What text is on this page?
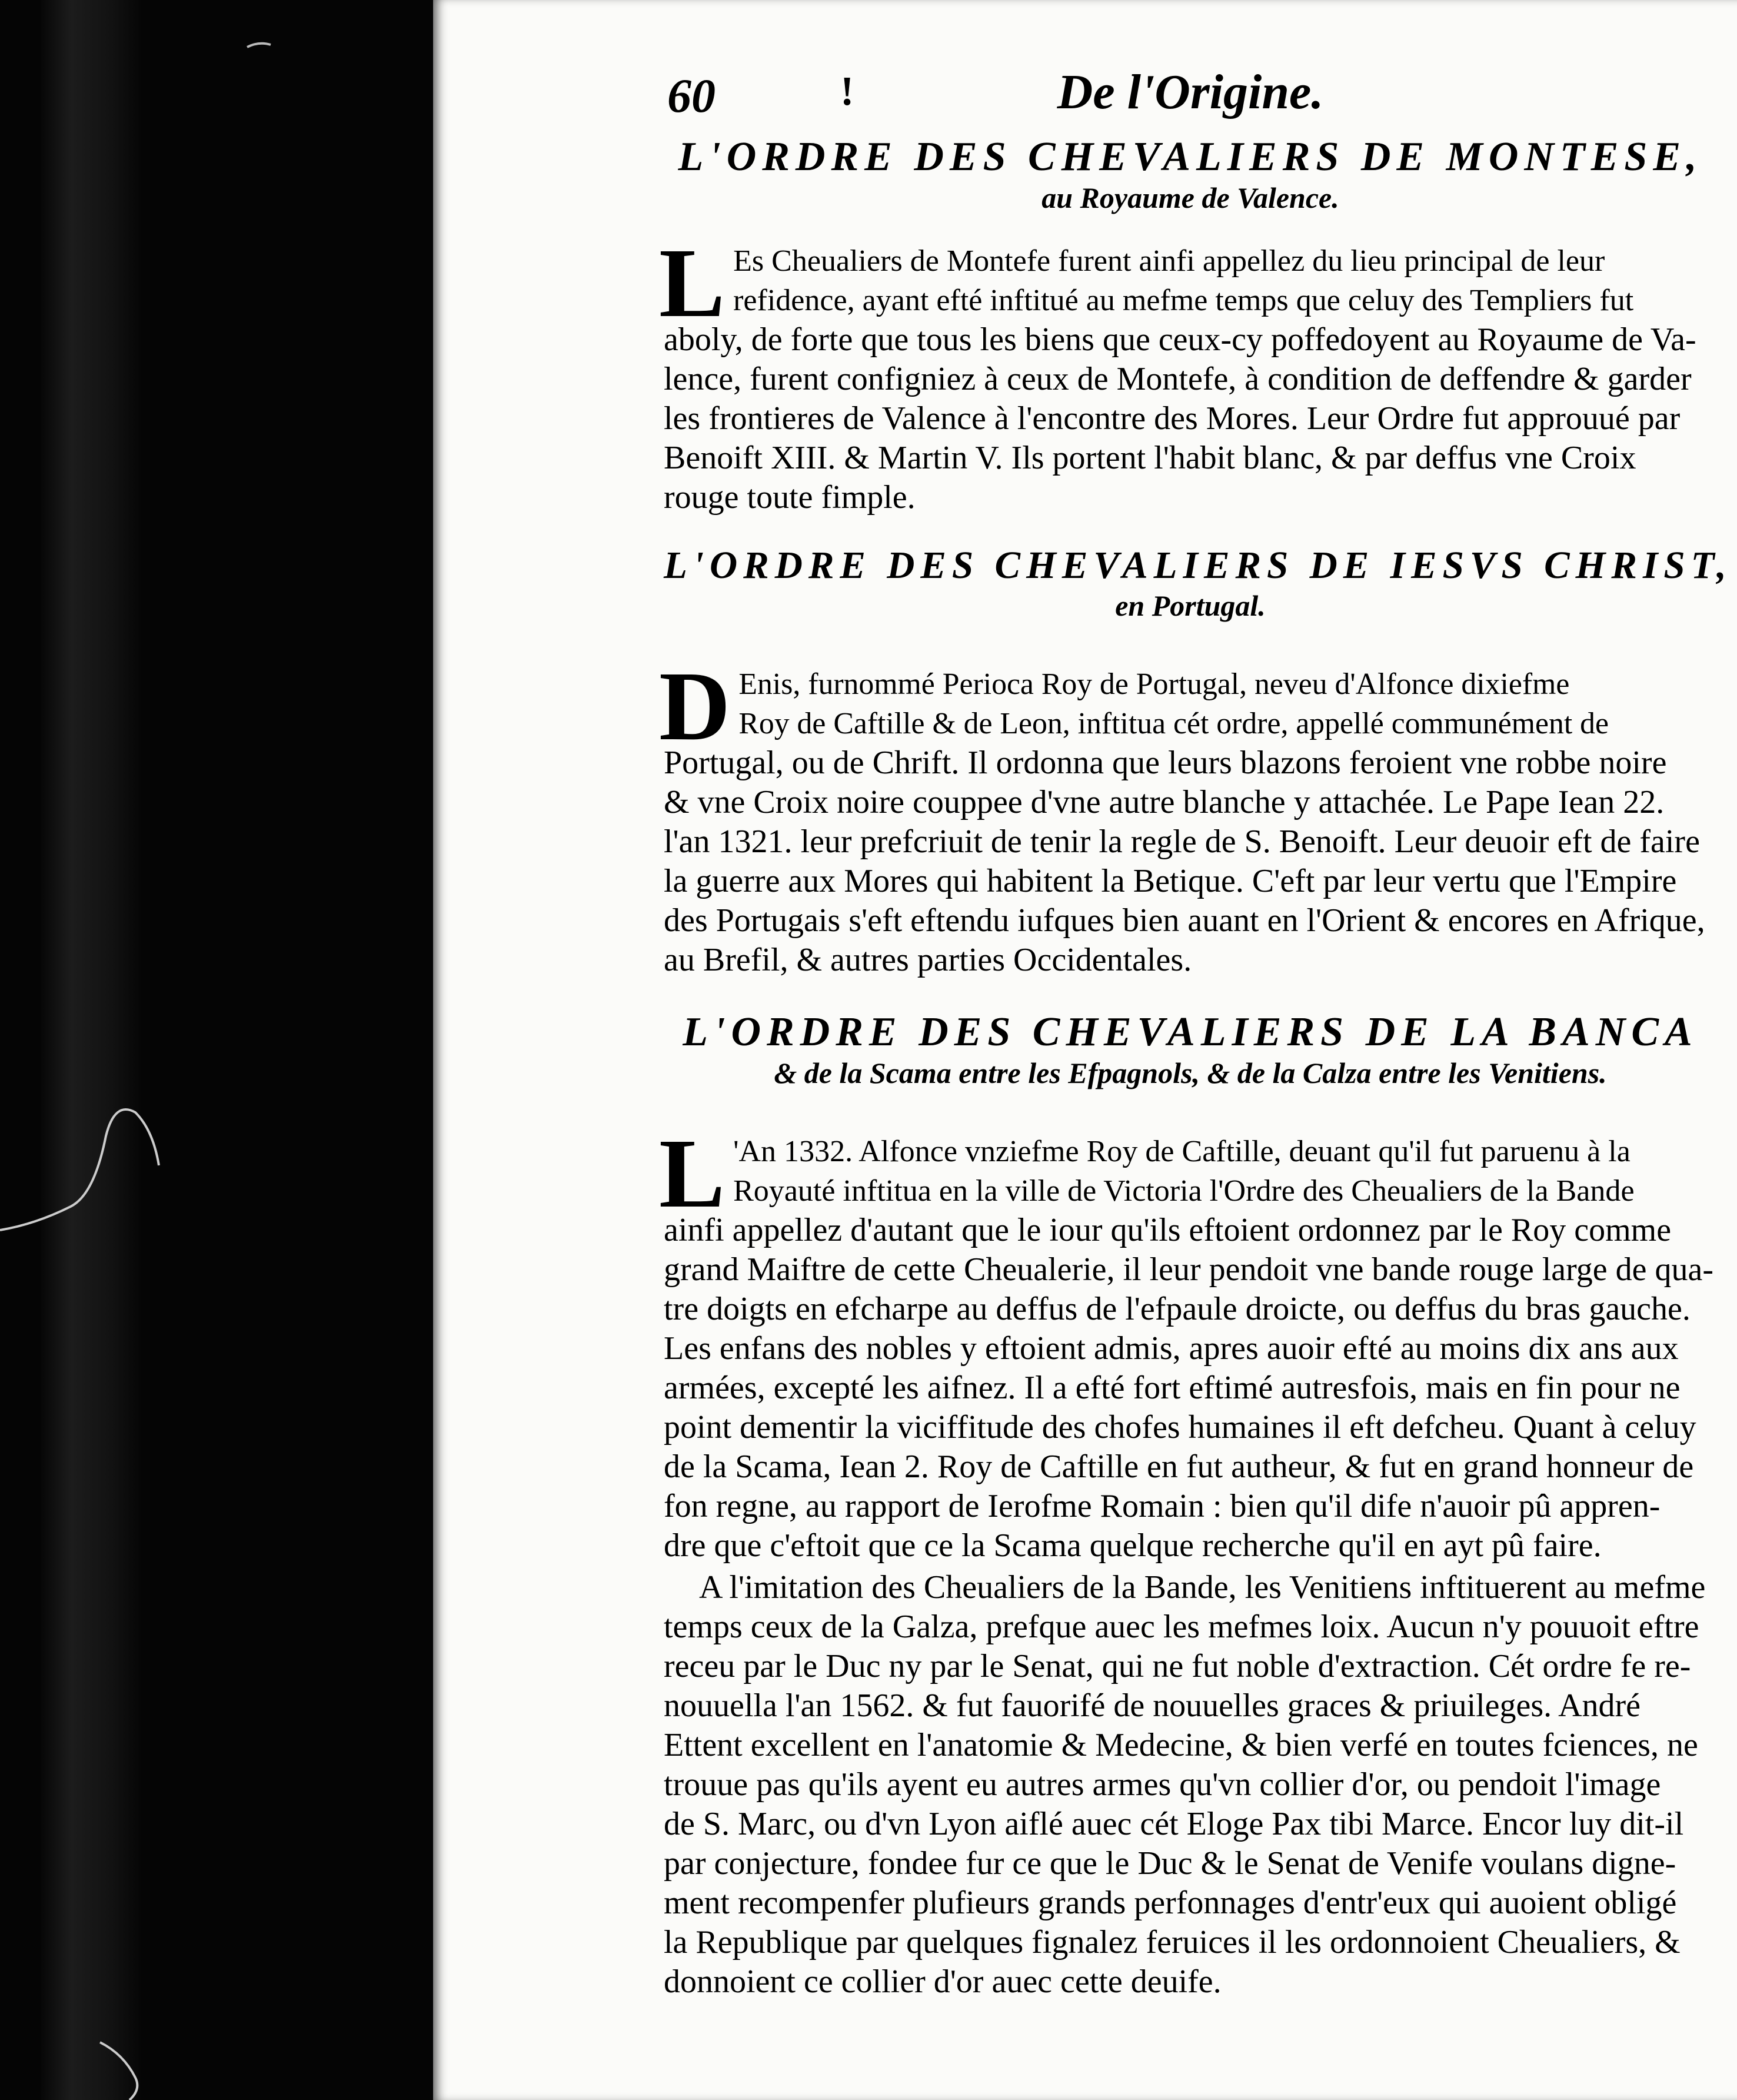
60	!	De l'Origine.

L'ORDRE DES CHEVALIERS DE MONTESE,

au Royaume de Valence.

L Es Cheualiers de Montefe furent ainfi appellez du lieu principal de leur
refidence, ayant efté inftitué au mefme temps que celuy des Templiers fut
aboly, de forte que tous les biens que ceux-cy poffedoyent au Royaume de Va-
lence, furent configniez à ceux de Montefe, à condition de deffendre & garder
les frontieres de Valence à l'encontre des Mores. Leur Ordre fut approuué par
Benoift XIII. & Martin V. Ils portent l'habit blanc, & par deffus vne Croix
rouge toute fimple.

L'ORDRE DES CHEVALIERS DE IESVS CHRIST,

en Portugal.

D Enis, furnommé Perioca Roy de Portugal, neveu d'Alfonce dixiefme
Roy de Caftille & de Leon, inftitua cét ordre, appellé communément de
Portugal, ou de Chrift. Il ordonna que leurs blazons feroient vne robbe noire
& vne Croix noire couppee d'vne autre blanche y attachée. Le Pape Iean 22.
l'an 1321. leur prefcriuit de tenir la regle de S. Benoift. Leur deuoir eft de faire
la guerre aux Mores qui habitent la Betique. C'eft par leur vertu que l'Empire
des Portugais s'eft eftendu iufques bien auant en l'Orient & encores en Afrique,
au Brefil, & autres parties Occidentales.

L'ORDRE DES CHEVALIERS DE LA BANCA

& de la Scama entre les Efpagnols, & de la Calza entre les Venitiens.

L 'An 1332. Alfonce vnziefme Roy de Caftille, deuant qu'il fut paruenu à la
Royauté inftitua en la ville de Victoria l'Ordre des Cheualiers de la Bande
ainfi appellez d'autant que le iour qu'ils eftoient ordonnez par le Roy comme
grand Maiftre de cette Cheualerie, il leur pendoit vne bande rouge large de qua-
tre doigts en efcharpe au deffus de l'efpaule droicte, ou deffus du bras gauche.
Les enfans des nobles y eftoient admis, apres auoir efté au moins dix ans aux
armées, excepté les aifnez. Il a efté fort eftimé autresfois, mais en fin pour ne
point dementir la viciffitude des chofes humaines il eft defcheu. Quant à celuy
de la Scama, Iean 2. Roy de Caftille en fut autheur, & fut en grand honneur de
fon regne, au rapport de Ierofme Romain : bien qu'il dife n'auoir pû appren-
dre que c'eftoit que ce la Scama quelque recherche qu'il en ayt pû faire.
A l'imitation des Cheualiers de la Bande, les Venitiens inftituerent au mefme
temps ceux de la Galza, prefque auec les mefmes loix. Aucun n'y pouuoit eftre
receu par le Duc ny par le Senat, qui ne fut noble d'extraction. Cét ordre fe re-
nouuella l'an 1562. & fut fauorifé de nouuelles graces & priuileges. André
Ettent excellent en l'anatomie & Medecine, & bien verfé en toutes fciences, ne
trouue pas qu'ils ayent eu autres armes qu'vn collier d'or, ou pendoit l'image
de S. Marc, ou d'vn Lyon aiflé auec cét Eloge Pax tibi Marce. Encor luy dit-il
par conjecture, fondee fur ce que le Duc & le Senat de Venife voulans digne-
ment recompenfer plufieurs grands perfonnages d'entr'eux qui auoient obligé
la Republique par quelques fignalez feruices il les ordonnoient Cheualiers, &
donnoient ce collier d'or auec cette deuife.
